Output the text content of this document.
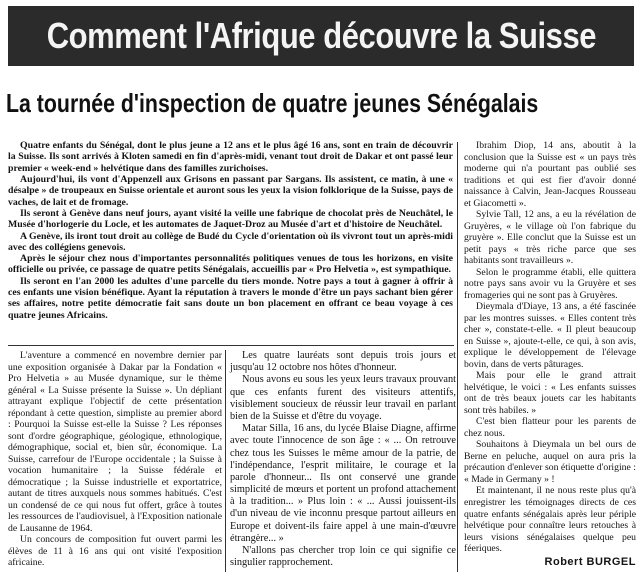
Comment l'Afrique découvre la Suisse
La tournée d'inspection de quatre jeunes Sénégalais

Quatre enfants du Sénégal, dont le plus jeune a 12 ans et le plus âgé 16 ans, sont en train de découvrir la Suisse. Ils sont arrivés à Kloten samedi en fin d'après-midi, venant tout droit de Dakar et ont passé leur premier « week-end » helvétique dans des familles zurichoises.

Aujourd'hui, ils vont d'Appenzell aux Grisons en passant par Sargans. Ils assistent, ce matin, à une « désalpe » de troupeaux en Suisse orientale et auront sous les yeux la vision folklorique de la Suisse, pays de vaches, de lait et de fromage.

Ils seront à Genève dans neuf jours, ayant visité la veille une fabrique de chocolat près de Neuchâtel, le Musée d'horlogerie du Locle, et les automates de Jaquet-Droz au Musée d'art et d'histoire de Neuchâtel.

A Genève, ils iront tout droit au collège de Budé du Cycle d'orientation où ils vivront tout un après-midi avec des collégiens genevois.

Après le séjour chez nous d'importantes personnalités politiques venues de tous les horizons, en visite officielle ou privée, ce passage de quatre petits Sénégalais, accueillis par « Pro Helvetia », est sympathique.

Ils seront en l'an 2000 les adultes d'une parcelle du tiers monde. Notre pays a tout à gagner à offrir à ces enfants une vision bénéfique. Ayant la réputation à travers le monde d'être un pays sachant bien gérer ses affaires, notre petite démocratie fait sans doute un bon placement en offrant ce beau voyage à ces quatre jeunes Africains.

L'aventure a commencé en novembre dernier par une exposition organisée à Dakar par la Fondation « Pro Helvetia » au Musée dynamique, sur le thème général « La Suisse présente la Suisse ». Un dépliant attrayant explique l'objectif de cette présentation répondant à cette question, simpliste au premier abord : Pourquoi la Suisse est-elle la Suisse ? Les réponses sont d'ordre géographique, géologique, ethnologique, démographique, social et, bien sûr, économique. La Suisse, carrefour de l'Europe occidentale ; la Suisse à vocation humanitaire ; la Suisse fédérale et démocratique ; la Suisse industrielle et exportatrice, autant de titres auxquels nous sommes habitués. C'est un condensé de ce qui nous fut offert, grâce à toutes les ressources de l'audiovisuel, à l'Exposition nationale de Lausanne de 1964.

Un concours de composition fut ouvert parmi les élèves de 11 à 16 ans qui ont visité l'exposition africaine.

Les quatre lauréats sont depuis trois jours et jusqu'au 12 octobre nos hôtes d'honneur.

Nous avons eu sous les yeux leurs travaux prouvant que ces enfants furent des visiteurs attentifs, visiblement soucieux de réussir leur travail en parlant bien de la Suisse et d'être du voyage.

Matar Silla, 16 ans, du lycée Blaise Diagne, affirme avec toute l'innocence de son âge : « ... On retrouve chez tous les Suisses le même amour de la patrie, de l'indépendance, l'esprit militaire, le courage et la parole d'honneur... Ils ont conservé une grande simplicité de mœurs et portent un profond attachement à la tradition... » Plus loin : « ... Aussi jouissent-ils d'un niveau de vie inconnu presque partout ailleurs en Europe et doivent-ils faire appel à une main-d'œuvre étrangère... »

N'allons pas chercher trop loin ce qui signifie ce singulier rapprochement.

Ibrahim Diop, 14 ans, aboutit à la conclusion que la Suisse est « un pays très moderne qui n'a pourtant pas oublié ses traditions et qui est fier d'avoir donné naissance à Calvin, Jean-Jacques Rousseau et Giacometti ».

Sylvie Tall, 12 ans, a eu la révélation de Gruyères, « le village où l'on fabrique du gruyère ». Elle conclut que la Suisse est un petit pays « très riche parce que ses habitants sont travailleurs ».

Selon le programme établi, elle quittera notre pays sans avoir vu la Gruyère et ses fromageries qui ne sont pas à Gruyères.

Dieymala d'Diaye, 13 ans, a été fascinée par les montres suisses. « Elles content très cher », constate-t-elle. « Il pleut beaucoup en Suisse », ajoute-t-elle, ce qui, à son avis, explique le développement de l'élevage bovin, dans de verts pâturages.

Mais pour elle le grand attrait helvétique, le voici : « Les enfants suisses ont de très beaux jouets car les habitants sont très habiles. »

C'est bien flatteur pour les parents de chez nous.

Souhaitons à Dieymala un bel ours de Berne en peluche, auquel on aura pris la précaution d'enlever son étiquette d'origine : « Made in Germany » !

Et maintenant, il ne nous reste plus qu'à enregistrer les témoignages directs de ces quatre enfants sénégalais après leur périple helvétique pour connaître leurs retouches à leurs visions sénégalaises quelque peu féeriques.

Robert BURGEL
